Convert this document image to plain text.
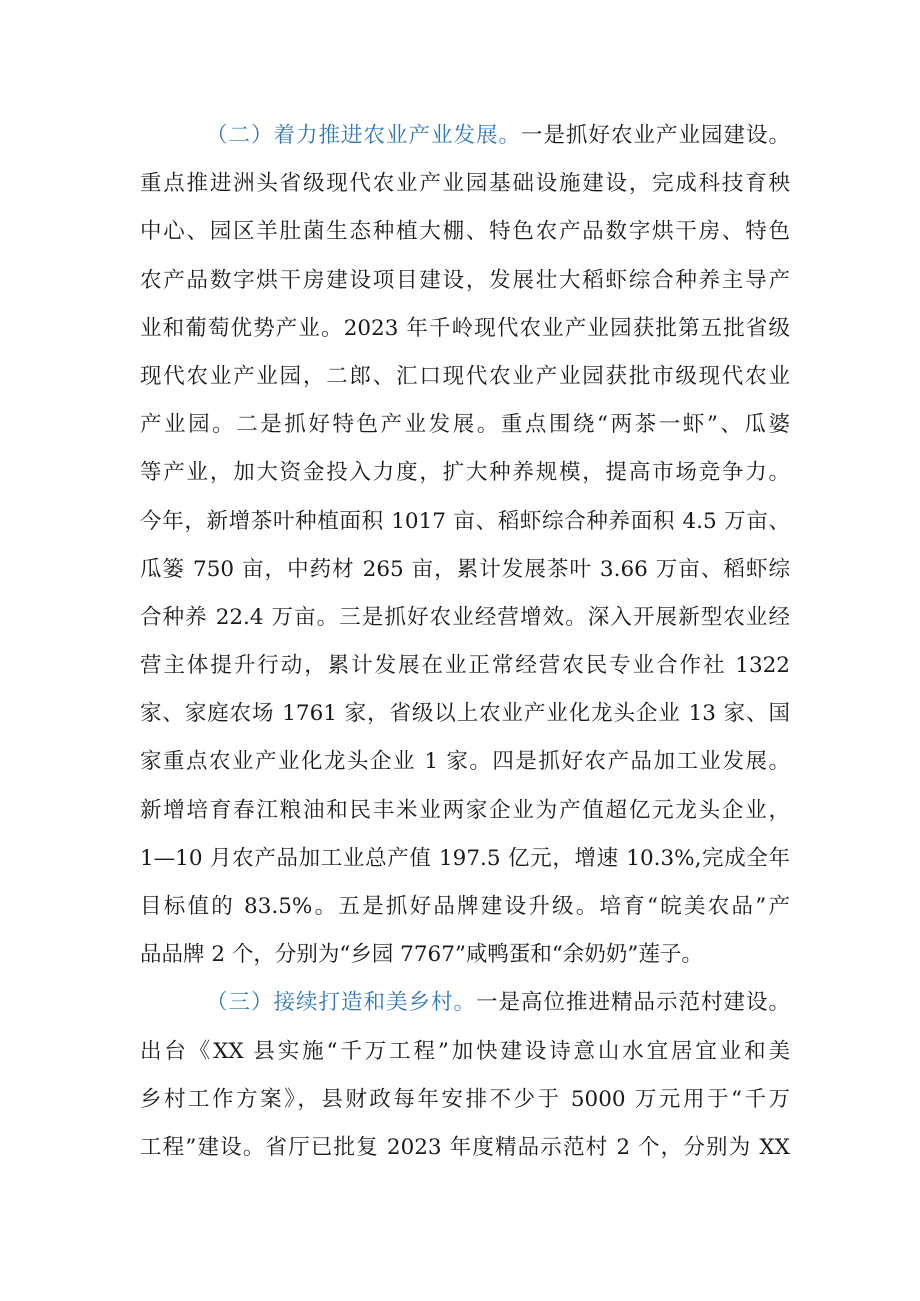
（二）着力推进农业产业发展。一是抓好农业产业园建设。
重点推进洲头省级现代农业产业园基础设施建设，完成科技育秧
中心、园区羊肚菌生态种植大棚、特色农产品数字烘干房、特色
农产品数字烘干房建设项目建设，发展壮大稻虾综合种养主导产
业和葡萄优势产业。2023 年千岭现代农业产业园获批第五批省级
现代农业产业园，二郎、汇口现代农业产业园获批市级现代农业
产业园。二是抓好特色产业发展。重点围绕“两茶一虾”、瓜婆
等产业，加大资金投入力度，扩大种养规模，提高市场竞争力。
今年，新增茶叶种植面积 1017 亩、稻虾综合种养面积 4.5 万亩、
瓜篓 750 亩，中药材 265 亩，累计发展茶叶 3.66 万亩、稻虾综
合种养 22.4 万亩。三是抓好农业经营增效。深入开展新型农业经
营主体提升行动，累计发展在业正常经营农民专业合作社 1322
家、家庭农场 1761 家，省级以上农业产业化龙头企业 13 家、国
家重点农业产业化龙头企业 1 家。四是抓好农产品加工业发展。
新增培育春江粮油和民丰米业两家企业为产值超亿元龙头企业，
1—10 月农产品加工业总产值 197.5 亿元，增速 10.3%,完成全年
目标值的 83.5%。五是抓好品牌建设升级。培育“皖美农品”产
品品牌 2 个，分别为“乡园 7767”咸鸭蛋和“余奶奶”莲子。
（三）接续打造和美乡村。一是高位推进精品示范村建设。
出台《XX 县实施“千万工程”加快建设诗意山水宜居宜业和美
乡村工作方案》，县财政每年安排不少于 5000 万元用于“千万
工程”建设。省厅已批复 2023 年度精品示范村 2 个，分别为 XX
